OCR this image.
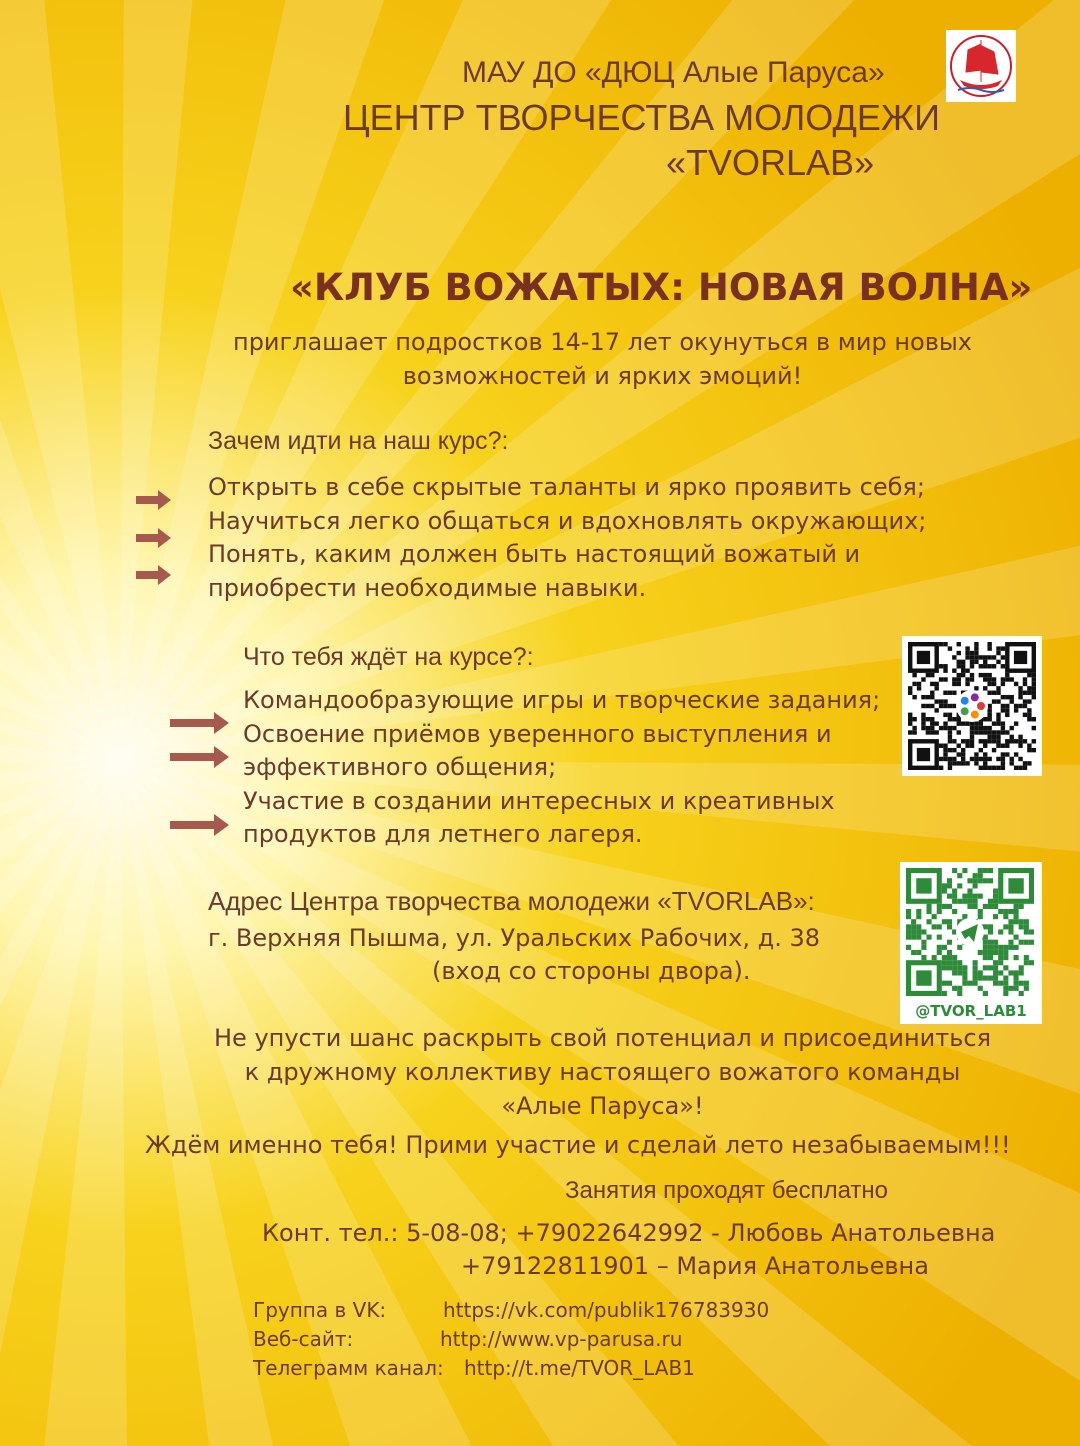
МАУ ДО «ДЮЦ Алые Паруса»
ЦЕНТР ТВОРЧЕСТВА МОЛОДЕЖИ
«TVORLAB»
«КЛУБ ВОЖАТЫХ: НОВАЯ ВОЛНА»
приглашает подростков 14-17 лет окунуться в мир новых
возможностей и ярких эмоций!
Зачем идти на наш курс?:
Открыть в себе скрытые таланты и ярко проявить себя;
Научиться легко общаться и вдохновлять окружающих;
Понять, каким должен быть настоящий вожатый и
приобрести необходимые навыки.
Что тебя ждёт на курсе?:
Командообразующие игры и творческие задания;
Освоение приёмов уверенного выступления и
эффективного общения;
Участие в создании интересных и креативных
продуктов для летнего лагеря.
@TVOR_LAB1
Адрес Центра творчества молодежи «TVORLAB»:
г. Верхняя Пышма, ул. Уральских Рабочих, д. 38
(вход со стороны двора).
Не упусти шанс раскрыть свой потенциал и присоединиться
к дружному коллективу настоящего вожатого команды
«Алые Паруса»!
Ждём именно тебя! Прими участие и сделай лето незабываемым!!!
Занятия проходят бесплатно
Конт. тел.: 5-08-08; +79022642992 - Любовь Анатольевна
+79122811901 – Мария Анатольевна
Группа в VK:	https://vk.com/publik176783930
Веб-сайт:	http://www.vp-parusa.ru
Телеграмм канал: http://t.me/TVOR_LAB1
